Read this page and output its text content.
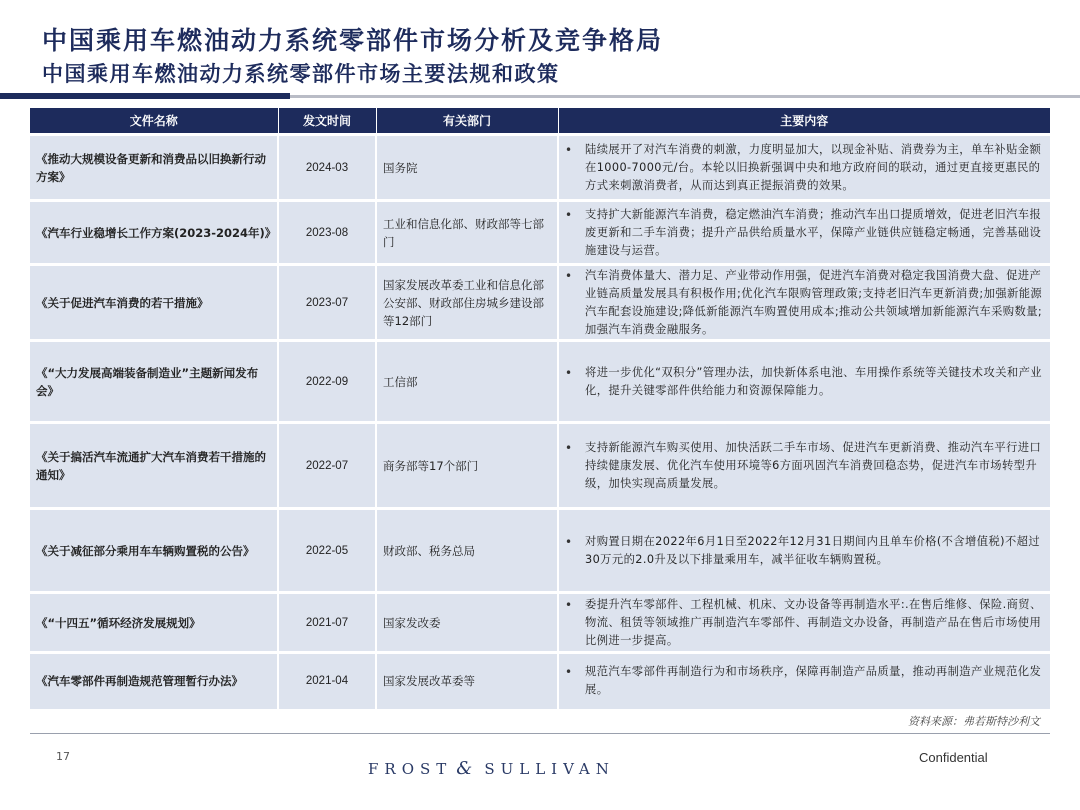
中国乘用车燃油动力系统零部件市场分析及竞争格局
中国乘用车燃油动力系统零部件市场主要法规和政策
文件名称	发文时间	有关部门	主要内容
《推动大规模设备更新和消费品以旧换新行动方案》	2024-03	国务院	• 陆续展开了对汽车消费的刺激，力度明显加大，以现金补贴、消费券为主，单车补贴金额在1000-7000元/台。本轮以旧换新强调中央和地方政府间的联动，通过更直接更惠民的方式来刺激消费者，从而达到真正提振消费的效果。

《汽车行业稳增长工作方案(2023-2024年)》	2023-08	工业和信息化部、财政部等七部门	• 支持扩大新能源汽车消费，稳定燃油汽车消费；推动汽车出口提质增效，促进老旧汽车报废更新和二手车消费；提升产品供给质量水平，保障产业链供应链稳定畅通，完善基础设施建设与运营。

《关于促进汽车消费的若干措施》	2023-07	国家发展改革委工业和信息化部公安部、财政部住房城乡建设部等12部门	• 汽车消费体量大、潜力足、产业带动作用强，促进汽车消费对稳定我国消费大盘、促进产业链高质量发展具有积极作用;优化汽车限购管理政策;支持老旧汽车更新消费;加强新能源汽车配套设施建设;降低新能源汽车购置使用成本;推动公共领域增加新能源汽车采购数量;加强汽车消费金融服务。

《“大力发展高端装备制造业”主题新闻发布会》	2022-09	工信部	• 将进一步优化“双积分”管理办法，加快新体系电池、车用操作系统等关键技术攻关和产业化，提升关键零部件供给能力和资源保障能力。

《关于搞活汽车流通扩大汽车消费若干措施的通知》	2022-07	商务部等17个部门	• 支持新能源汽车购买使用、加快活跃二手车市场、促进汽车更新消费、推动汽车平行进口持续健康发展、优化汽车使用环境等6方面巩固汽车消费回稳态势，促进汽车市场转型升级，加快实现高质量发展。

《关于减征部分乘用车车辆购置税的公告》	2022-05	财政部、税务总局	• 对购置日期在2022年6月1日至2022年12月31日期间内且单车价格(不含增值税)不超过30万元的2.0升及以下排量乘用车，减半征收车辆购置税。

《“十四五”循环经济发展规划》	2021-07	国家发改委	• 委提升汽车零部件、工程机械、机床、文办设备等再制造水平:.在售后维修、保险.商贸、物流、租赁等领域推广再制造汽车零部件、再制造文办设备，再制造产品在售后市场使用比例进一步提高。

《汽车零部件再制造规范管理暂行办法》	2021-04	国家发展改革委等	• 规范汽车零部件再制造行为和市场秩序，保障再制造产品质量，推动再制造产业规范化发展。
资料来源：弗若斯特沙利文
17
FROST & SULLIVAN
Confidential
